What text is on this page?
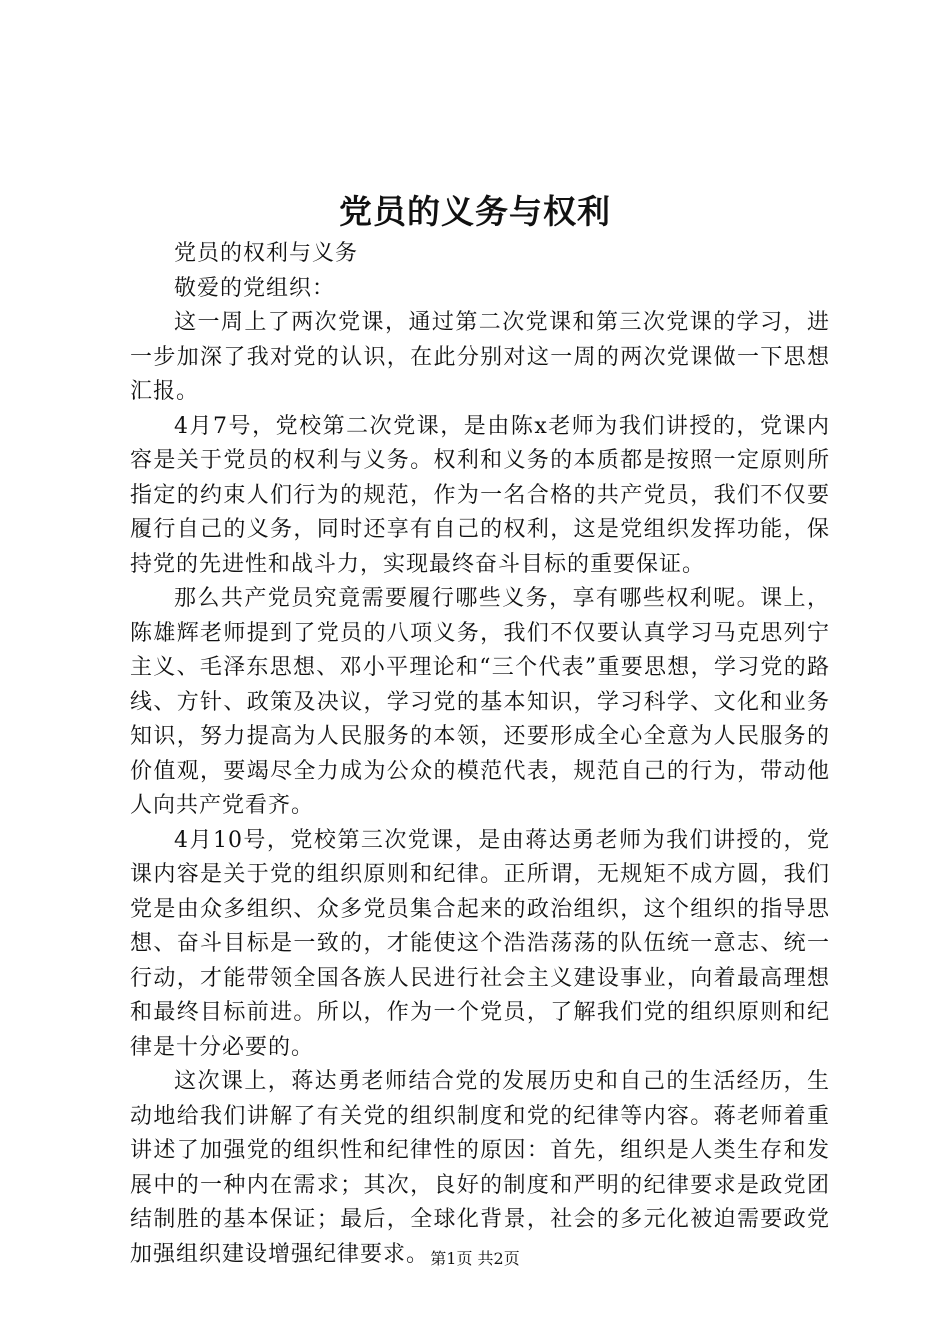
党员的义务与权利

党员的权利与义务

敬爱的党组织：

这一周上了两次党课，通过第二次党课和第三次党课的学习，进一步加深了我对党的认识，在此分别对这一周的两次党课做一下思想汇报。

4月7号，党校第二次党课，是由陈x老师为我们讲授的，党课内容是关于党员的权利与义务。权利和义务的本质都是按照一定原则所指定的约束人们行为的规范，作为一名合格的共产党员，我们不仅要履行自己的义务，同时还享有自己的权利，这是党组织发挥功能，保持党的先进性和战斗力，实现最终奋斗目标的重要保证。

那么共产党员究竟需要履行哪些义务，享有哪些权利呢。课上，陈雄辉老师提到了党员的八项义务，我们不仅要认真学习马克思列宁主义、毛泽东思想、邓小平理论和“三个代表”重要思想，学习党的路线、方针、政策及决议，学习党的基本知识，学习科学、文化和业务知识，努力提高为人民服务的本领，还要形成全心全意为人民服务的价值观，要竭尽全力成为公众的模范代表，规范自己的行为，带动他人向共产党看齐。

4月10号，党校第三次党课，是由蒋达勇老师为我们讲授的，党课内容是关于党的组织原则和纪律。正所谓，无规矩不成方圆，我们党是由众多组织、众多党员集合起来的政治组织，这个组织的指导思想、奋斗目标是一致的，才能使这个浩浩荡荡的队伍统一意志、统一行动，才能带领全国各族人民进行社会主义建设事业，向着最高理想和最终目标前进。所以，作为一个党员，了解我们党的组织原则和纪律是十分必要的。

这次课上，蒋达勇老师结合党的发展历史和自己的生活经历，生动地给我们讲解了有关党的组织制度和党的纪律等内容。蒋老师着重讲述了加强党的组织性和纪律性的原因：首先，组织是人类生存和发展中的一种内在需求；其次，良好的制度和严明的纪律要求是政党团结制胜的基本保证；最后，全球化背景，社会的多元化被迫需要政党加强组织建设增强纪律要求。 第1页 共2页
